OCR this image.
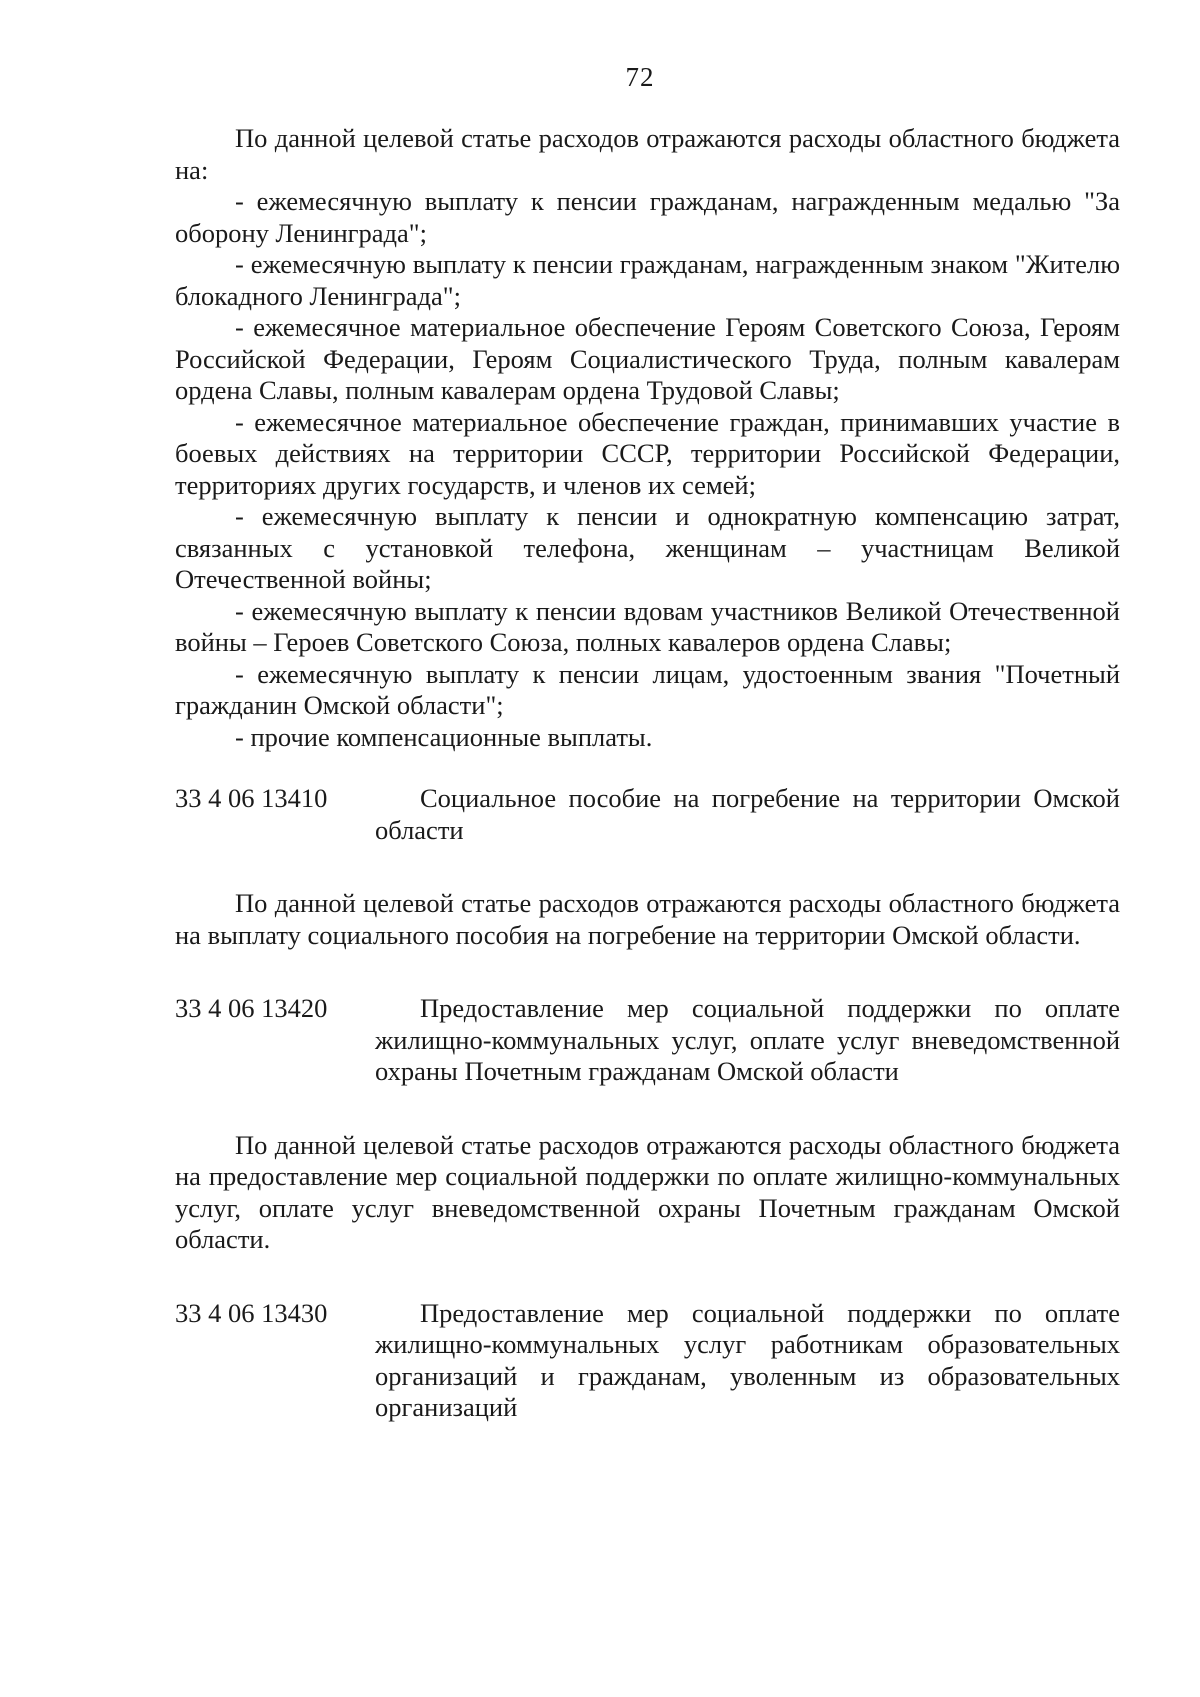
72

По данной целевой статье расходов отражаются расходы областного бюджета на:

- ежемесячную выплату к пенсии гражданам, награжденным медалью "За оборону Ленинграда";

- ежемесячную выплату к пенсии гражданам, награжденным знаком "Жителю блокадного Ленинграда";

- ежемесячное материальное обеспечение Героям Советского Союза, Героям Российской Федерации, Героям Социалистического Труда, полным кавалерам ордена Славы, полным кавалерам ордена Трудовой Славы;

- ежемесячное материальное обеспечение граждан, принимавших участие в боевых действиях на территории СССР, территории Российской Федерации, территориях других государств, и членов их семей;

- ежемесячную выплату к пенсии и однократную компенсацию затрат, связанных с установкой телефона, женщинам – участницам Великой Отечественной войны;

- ежемесячную выплату к пенсии вдовам участников Великой Отечественной войны – Героев Советского Союза, полных кавалеров ордена Славы;

- ежемесячную выплату к пенсии лицам, удостоенным звания "Почетный гражданин Омской области";

- прочие компенсационные выплаты.

33 4 06 13410	Социальное пособие на погребение на территории Омской области

По данной целевой статье расходов отражаются расходы областного бюджета на выплату социального пособия на погребение на территории Омской области.

33 4 06 13420	Предоставление мер социальной поддержки по оплате жилищно-коммунальных услуг, оплате услуг вневедомственной охраны Почетным гражданам Омской области

По данной целевой статье расходов отражаются расходы областного бюджета на предоставление мер социальной поддержки по оплате жилищно-коммунальных услуг, оплате услуг вневедомственной охраны Почетным гражданам Омской области.

33 4 06 13430	Предоставление мер социальной поддержки по оплате жилищно-коммунальных услуг работникам образовательных организаций и гражданам, уволенным из образовательных организаций
